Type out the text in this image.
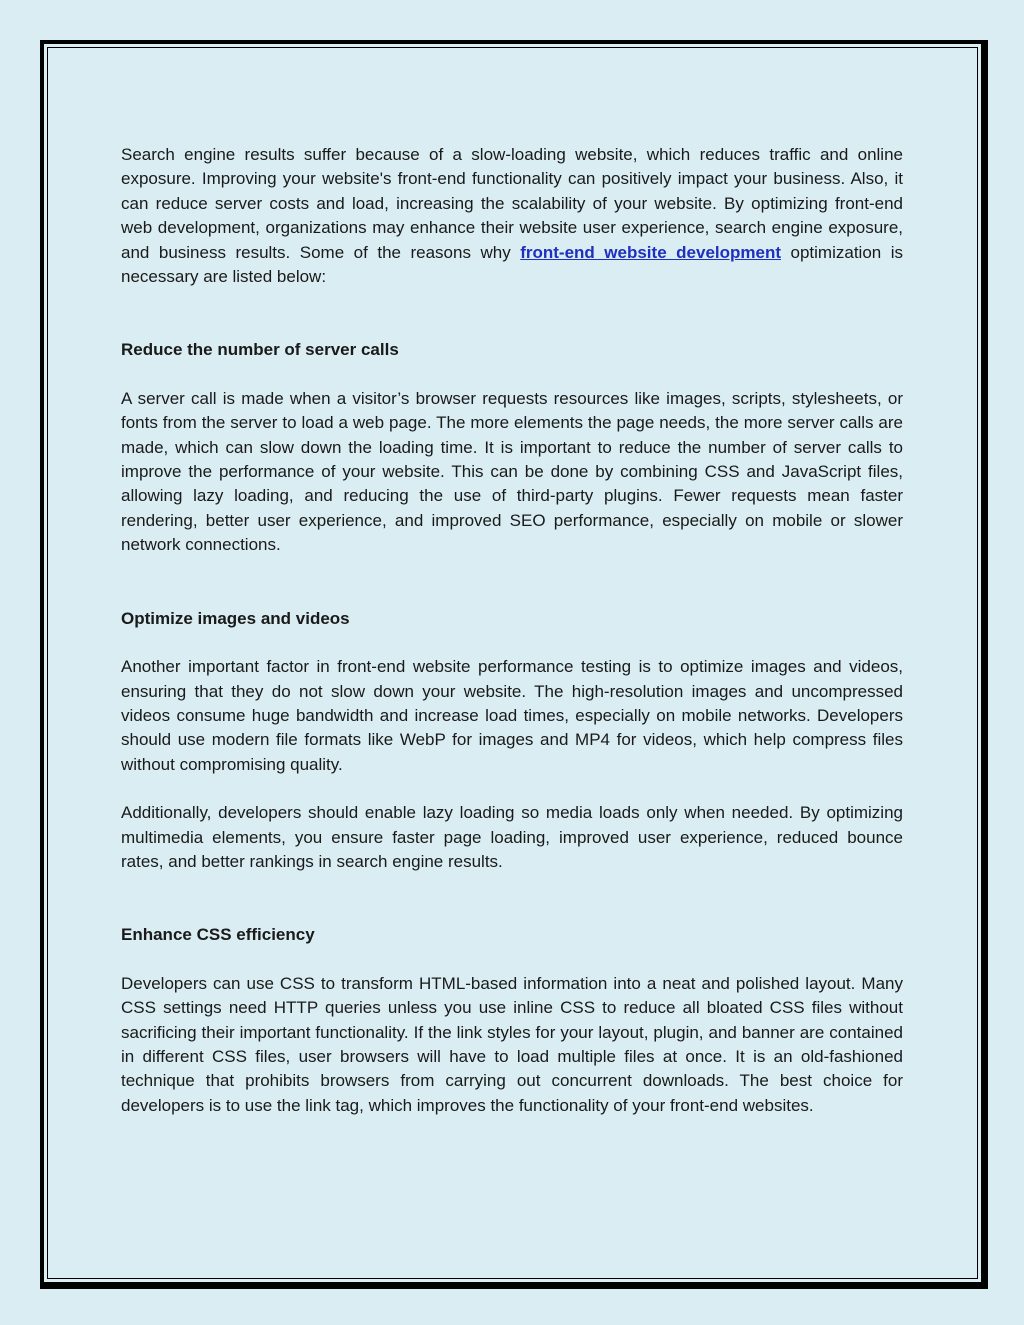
Search engine results suffer because of a slow-loading website, which reduces traffic and online exposure. Improving your website's front-end functionality can positively impact your business. Also, it can reduce server costs and load, increasing the scalability of your website. By optimizing front-end web development, organizations may enhance their website user experience, search engine exposure, and business results. Some of the reasons why front-end website development optimization is necessary are listed below:

Reduce the number of server calls

A server call is made when a visitor’s browser requests resources like images, scripts, stylesheets, or fonts from the server to load a web page. The more elements the page needs, the more server calls are made, which can slow down the loading time. It is important to reduce the number of server calls to improve the performance of your website. This can be done by combining CSS and JavaScript files, allowing lazy loading, and reducing the use of third-party plugins. Fewer requests mean faster rendering, better user experience, and improved SEO performance, especially on mobile or slower network connections.

Optimize images and videos

Another important factor in front-end website performance testing is to optimize images and videos, ensuring that they do not slow down your website. The high-resolution images and uncompressed videos consume huge bandwidth and increase load times, especially on mobile networks. Developers should use modern file formats like WebP for images and MP4 for videos, which help compress files without compromising quality.

Additionally, developers should enable lazy loading so media loads only when needed. By optimizing multimedia elements, you ensure faster page loading, improved user experience, reduced bounce rates, and better rankings in search engine results.

Enhance CSS efficiency

Developers can use CSS to transform HTML-based information into a neat and polished layout. Many CSS settings need HTTP queries unless you use inline CSS to reduce all bloated CSS files without sacrificing their important functionality. If the link styles for your layout, plugin, and banner are contained in different CSS files, user browsers will have to load multiple files at once. It is an old-fashioned technique that prohibits browsers from carrying out concurrent downloads. The best choice for developers is to use the link tag, which improves the functionality of your front-end websites.
